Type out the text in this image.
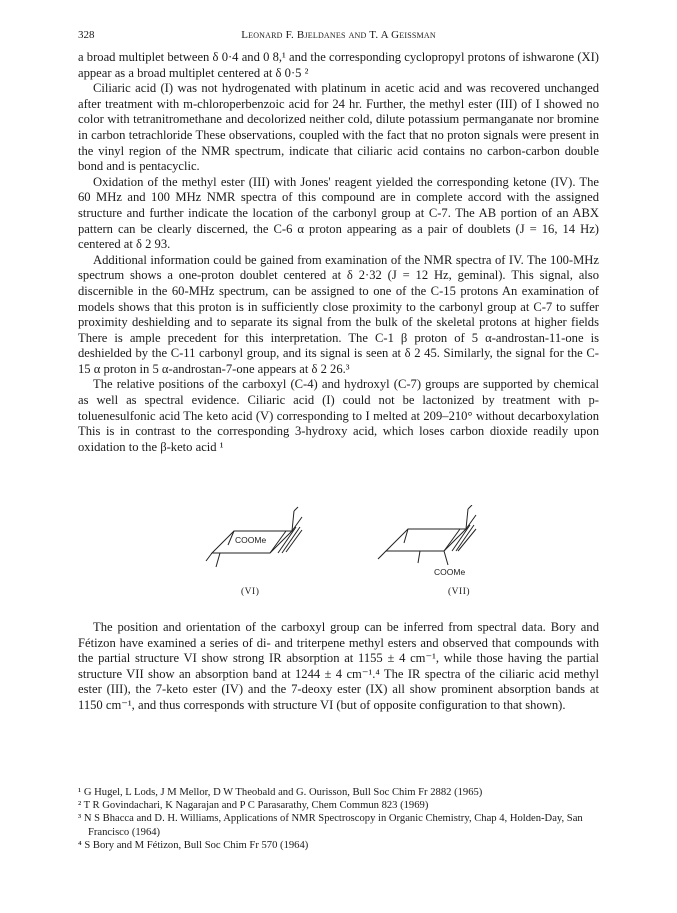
328	Leonard F. Bjeldanes and T. A Geissman

a broad multiplet between δ 0·4 and 0 8,¹ and the corresponding cyclopropyl protons of ishwarone (XI) appear as a broad multiplet centered at δ 0·5 ²

Ciliaric acid (I) was not hydrogenated with platinum in acetic acid and was recovered unchanged after treatment with m-chloroperbenzoic acid for 24 hr. Further, the methyl ester (III) of I showed no color with tetranitromethane and decolorized neither cold, dilute potassium permanganate nor bromine in carbon tetrachloride These observations, coupled with the fact that no proton signals were present in the vinyl region of the NMR spectrum, indicate that ciliaric acid contains no carbon-carbon double bond and is pentacyclic.

Oxidation of the methyl ester (III) with Jones' reagent yielded the corresponding ketone (IV). The 60 MHz and 100 MHz NMR spectra of this compound are in complete accord with the assigned structure and further indicate the location of the carbonyl group at C-7. The AB portion of an ABX pattern can be clearly discerned, the C-6 α proton appearing as a pair of doublets (J = 16, 14 Hz) centered at δ 2 93.

Additional information could be gained from examination of the NMR spectra of IV. The 100-MHz spectrum shows a one-proton doublet centered at δ 2·32 (J = 12 Hz, geminal). This signal, also discernible in the 60-MHz spectrum, can be assigned to one of the C-15 protons An examination of models shows that this proton is in sufficiently close proximity to the carbonyl group at C-7 to suffer proximity deshielding and to separate its signal from the bulk of the skeletal protons at higher fields There is ample precedent for this interpretation. The C-1 β proton of 5 α-androstan-11-one is deshielded by the C-11 carbonyl group, and its signal is seen at δ 2 45. Similarly, the signal for the C-15 α proton in 5 α-androstan-7-one appears at δ 2 26.³

The relative positions of the carboxyl (C-4) and hydroxyl (C-7) groups are supported by chemical as well as spectral evidence. Ciliaric acid (I) could not be lactonized by treatment with p-toluenesulfonic acid The keto acid (V) corresponding to I melted at 209–210° without decarboxylation This is in contrast to the corresponding 3-hydroxy acid, which loses carbon dioxide readily upon oxidation to the β-keto acid ¹

COOMe
(VI)
COOMe
(VII)

The position and orientation of the carboxyl group can be inferred from spectral data. Bory and Fétizon have examined a series of di- and triterpene methyl esters and observed that compounds with the partial structure VI show strong IR absorption at 1155 ± 4 cm⁻¹, while those having the partial structure VII show an absorption band at 1244 ± 4 cm⁻¹.⁴ The IR spectra of the ciliaric acid methyl ester (III), the 7-keto ester (IV) and the 7-deoxy ester (IX) all show prominent absorption bands at 1150 cm⁻¹, and thus corresponds with structure VI (but of opposite configuration to that shown).

¹ G Hugel, L Lods, J M Mellor, D W Theobald and G. Ourisson, Bull Soc Chim Fr 2882 (1965)

² T R Govindachari, K Nagarajan and P C Parasarathy, Chem Commun 823 (1969)

³ N S Bhacca and D. H. Williams, Applications of NMR Spectroscopy in Organic Chemistry, Chap 4, Holden-Day, San Francisco (1964)

⁴ S Bory and M Fétizon, Bull Soc Chim Fr 570 (1964)
